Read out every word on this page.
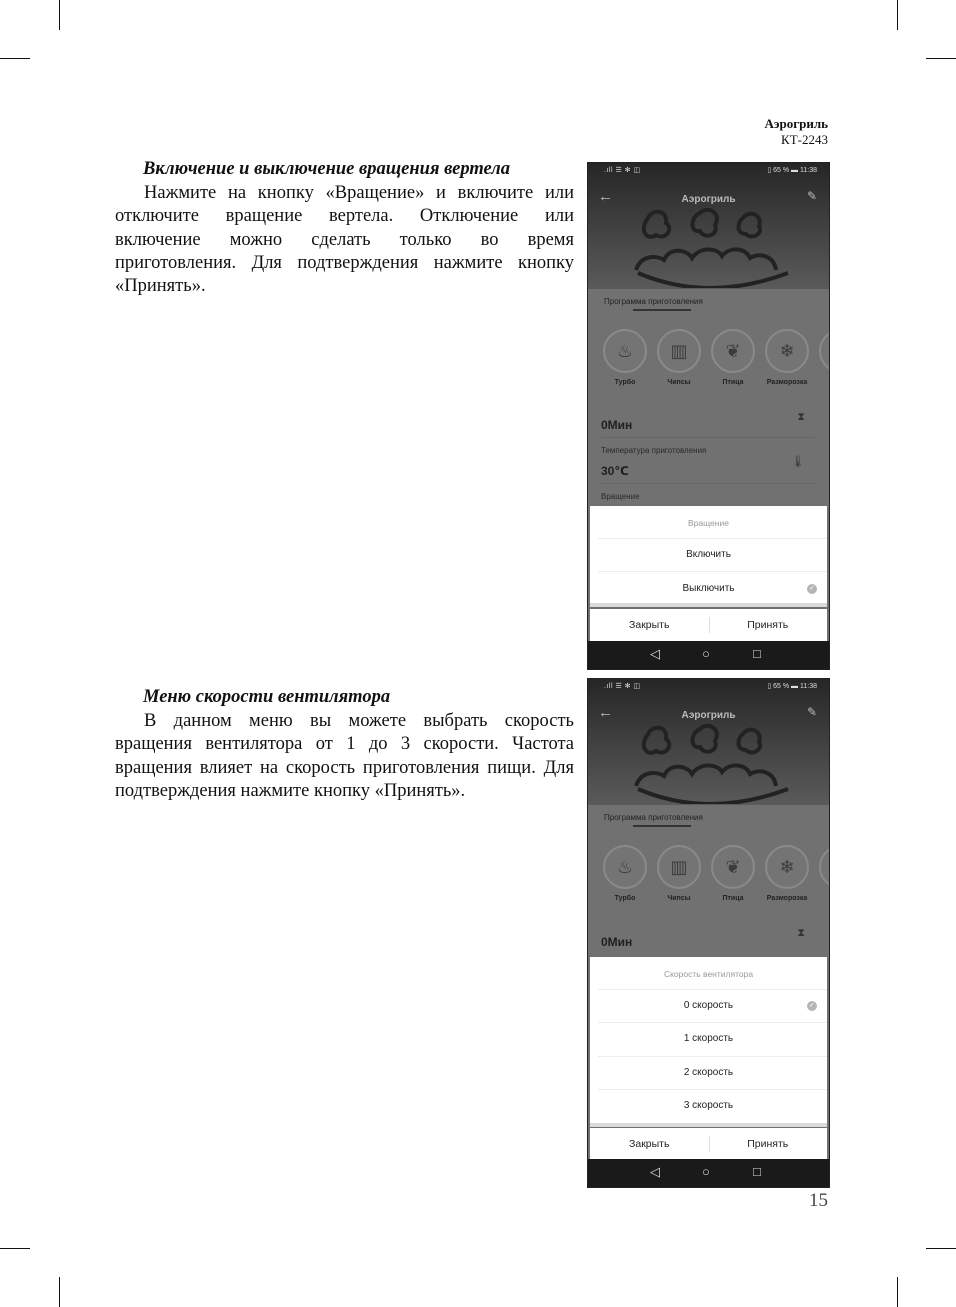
Аэрогриль
КТ-2243
Включение и выключение вращения вертела

Нажмите на кнопку «Вращение» и включите или отключите вращение вертела. Отключение или включение можно сделать только во время приготовления. Для подтверждения нажмите кнопку «Принять».

Меню скорости вентилятора

В данном меню вы можете выбрать скорость вращения вентилятора от 1 до 3 скорости. Частота вращения влияет на скорость приготовления пищи. Для подтверждения нажмите кнопку «Принять».

15
.ıll ☰ ✻ ◫	▯ 65 % ▬ 11:38
←	Аэрогриль	✎
Программа приготовления
♨	▥	❦	❄
Турбо	Чипсы	Птица	Разморозка
0Мин
⧗
Температура приготовления
30℃
🌡
Вращение
Вращение
Включить
Выключить	✓
Закрыть	Принять
◁	○	□
.ıll ☰ ✻ ◫	▯ 65 % ▬ 11:38
←	Аэрогриль	✎
Программа приготовления
♨	▥	❦	❄
Турбо	Чипсы	Птица	Разморозка
0Мин
⧗
Скорость вентилятора
0 скорость	✓
1 скорость
2 скорость
3 скорость
Закрыть	Принять
◁	○	□
